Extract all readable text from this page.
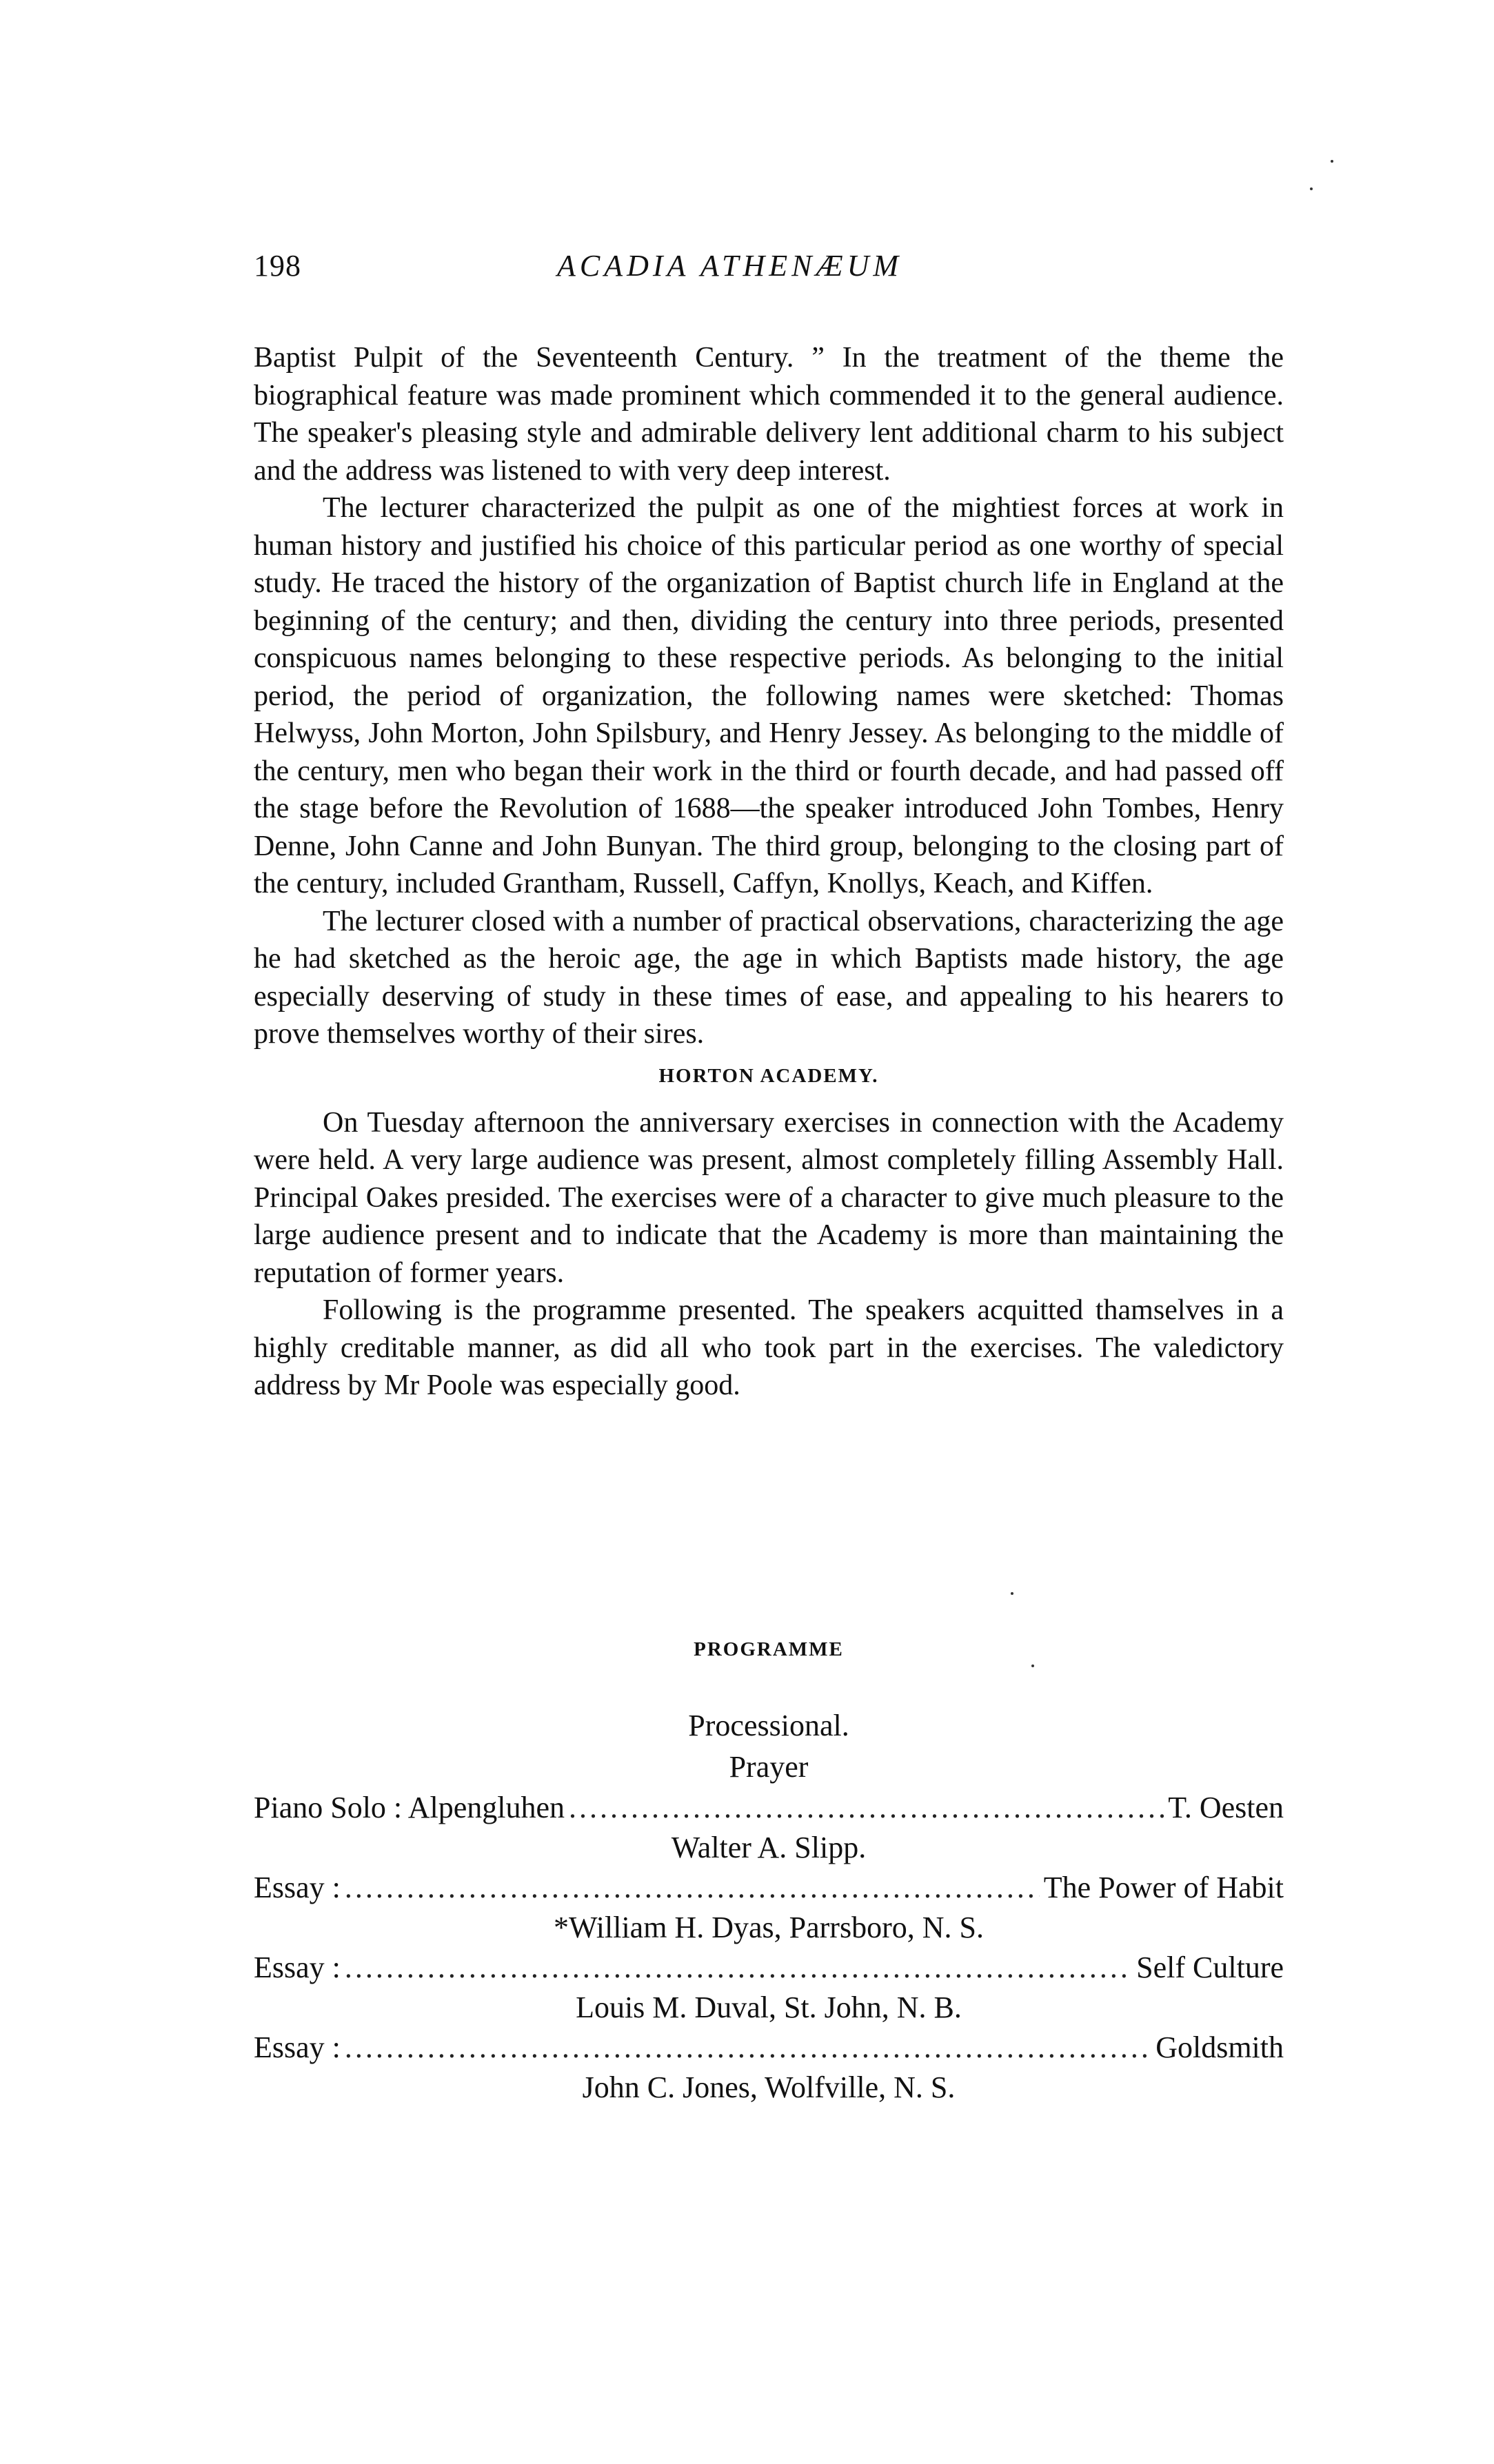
198	ACADIA ATHENÆUM

Baptist Pulpit of the Seventeenth Century. ” In the treatment of the theme the biographical feature was made prominent which commended it to the general audience. The speaker's pleasing style and admirable delivery lent additional charm to his subject and the address was listened to with very deep interest.

The lecturer characterized the pulpit as one of the mightiest forces at work in human history and justified his choice of this particular period as one worthy of special study. He traced the history of the organization of Baptist church life in England at the beginning of the century; and then, dividing the century into three periods, presented conspicuous names belonging to these respective periods. As belonging to the initial period, the period of organization, the following names were sketched: Thomas Helwyss, John Morton, John Spilsbury, and Henry Jessey. As belonging to the middle of the century, men who began their work in the third or fourth decade, and had passed off the stage before the Revolution of 1688—the speaker introduced John Tombes, Henry Denne, John Canne and John Bunyan. The third group, belonging to the closing part of the century, included Grantham, Russell, Caffyn, Knollys, Keach, and Kiffen.

The lecturer closed with a number of practical observations, characterizing the age he had sketched as the heroic age, the age in which Baptists made history, the age especially deserving of study in these times of ease, and appealing to his hearers to prove themselves worthy of their sires.

HORTON ACADEMY.

On Tuesday afternoon the anniversary exercises in connection with the Academy were held. A very large audience was present, almost completely filling Assembly Hall. Principal Oakes presided. The exercises were of a character to give much pleasure to the large audience present and to indicate that the Academy is more than maintaining the reputation of former years.

Following is the programme presented. The speakers acquitted thamselves in a highly creditable manner, as did all who took part in the exercises. The valedictory address by Mr Poole was especially good.

PROGRAMME
Processional.
Prayer
Piano Solo : Alpengluhen .....	T. Oesten
Walter A. Slipp.
Essay : .....	The Power of Habit
*William H. Dyas, Parrsboro, N. S.
Essay : .....	Self Culture
Louis M. Duval, St. John, N. B.
Essay : .....	Goldsmith
John C. Jones, Wolfville, N. S.
